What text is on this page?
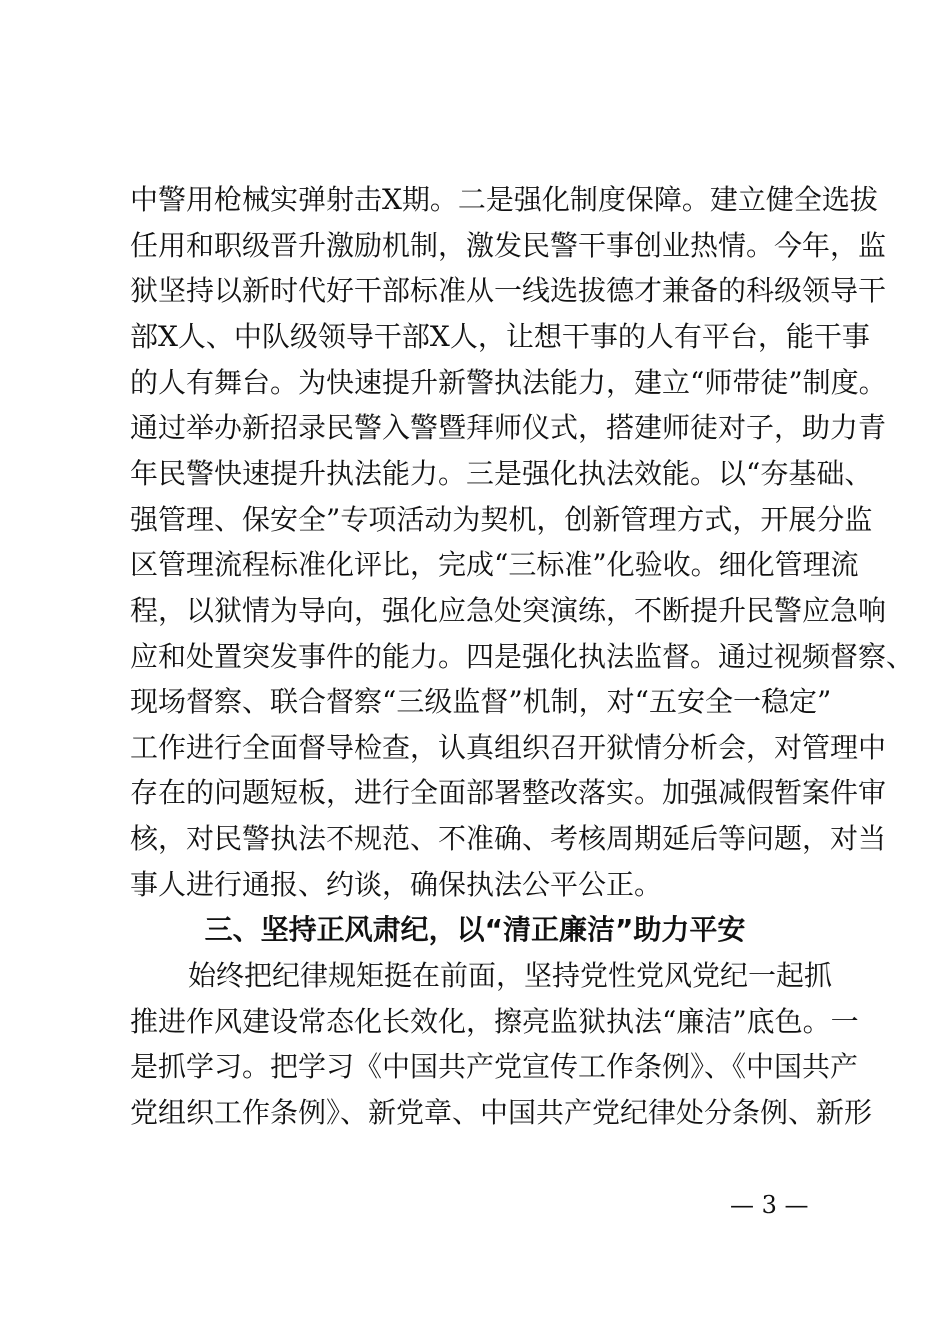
中警用枪械实弹射击X期。二是强化制度保障。建立健全选拔
任用和职级晋升激励机制，激发民警干事创业热情。今年，监
狱坚持以新时代好干部标准从一线选拔德才兼备的科级领导干
部X人、中队级领导干部X人，让想干事的人有平台，能干事
的人有舞台。为快速提升新警执法能力，建立“师带徒”制度。
通过举办新招录民警入警暨拜师仪式，搭建师徒对子，助力青
年民警快速提升执法能力。三是强化执法效能。以“夯基础、
强管理、保安全”专项活动为契机，创新管理方式，开展分监
区管理流程标准化评比，完成“三标准”化验收。细化管理流
程，以狱情为导向，强化应急处突演练，不断提升民警应急响
应和处置突发事件的能力。四是强化执法监督。通过视频督察、
现场督察、联合督察“三级监督”机制，对“五安全一稳定”
工作进行全面督导检查，认真组织召开狱情分析会，对管理中
存在的问题短板，进行全面部署整改落实。加强减假暂案件审
核，对民警执法不规范、不准确、考核周期延后等问题，对当
事人进行通报、约谈，确保执法公平公正。
三、坚持正风肃纪，以“清正廉洁”助力平安
始终把纪律规矩挺在前面，坚持党性党风党纪一起抓
推进作风建设常态化长效化，擦亮监狱执法“廉洁”底色。一
是抓学习。把学习《中国共产党宣传工作条例》、《中国共产
党组织工作条例》、新党章、中国共产党纪律处分条例、新形
— 3 —
